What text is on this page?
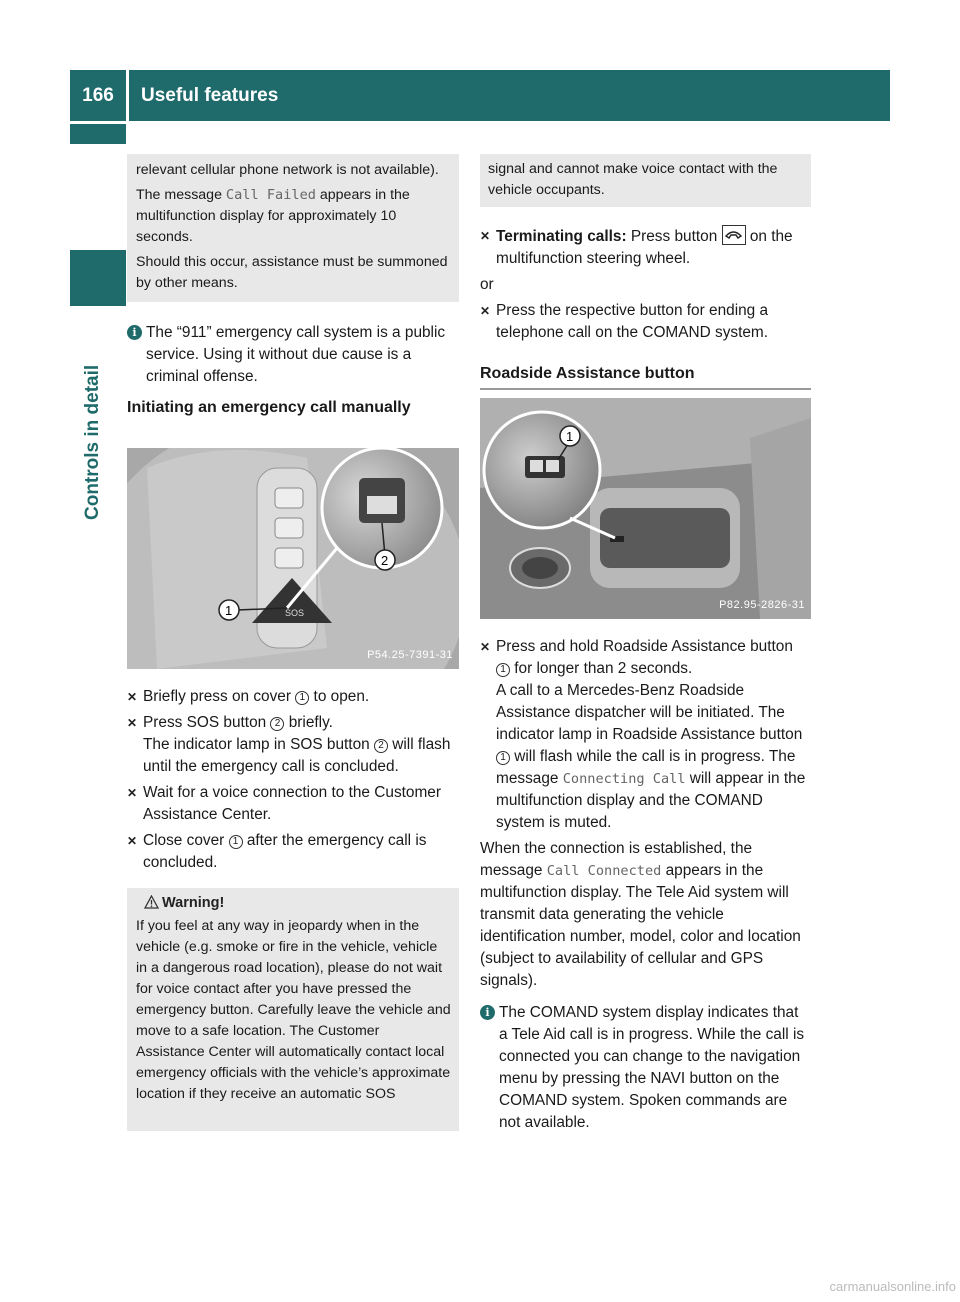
166	Useful features
Controls in detail

relevant cellular phone network is not available).

The message Call Failed appears in the multifunction display for approximately 10 seconds.

Should this occur, assistance must be summoned by other means.

i The “911” emergency call system is a public service. Using it without due cause is a criminal offense.
Initiating an emergency call manually
SOS
1
2
P54.25-7391-31
✕ Briefly press on cover 1 to open.
✕ Press SOS button 2 briefly.
The indicator lamp in SOS button 2 will flash until the emergency call is concluded.
✕ Wait for a voice connection to the Customer Assistance Center.
✕ Close cover 1 after the emergency call is concluded.
Warning!
If you feel at any way in jeopardy when in the vehicle (e.g. smoke or fire in the vehicle, vehicle in a dangerous road location), please do not wait for voice contact after you have pressed the emergency button. Carefully leave the vehicle and move to a safe location. The Customer Assistance Center will automatically contact local emergency officials with the vehicle’s approximate location if they receive an automatic SOS
signal and cannot make voice contact with the vehicle occupants.
✕ Terminating calls: Press button
on the multifunction steering wheel.
or
✕ Press the respective button for ending a telephone call on the COMAND system.
Roadside Assistance button
1
P82.95-2826-31
✕ Press and hold Roadside Assistance button 1 for longer than 2 seconds.
A call to a Mercedes-Benz Roadside Assistance dispatcher will be initiated. The indicator lamp in Roadside Assistance button 1 will flash while the call is in progress. The message Connecting Call will appear in the multifunction display and the COMAND system is muted.
When the connection is established, the message Call Connected appears in the multifunction display. The Tele Aid system will transmit data generating the vehicle identification number, model, color and location (subject to availability of cellular and GPS signals).
i The COMAND system display indicates that a Tele Aid call is in progress. While the call is connected you can change to the navigation menu by pressing the NAVI button on the COMAND system. Spoken commands are not available.
carmanualsonline.info
